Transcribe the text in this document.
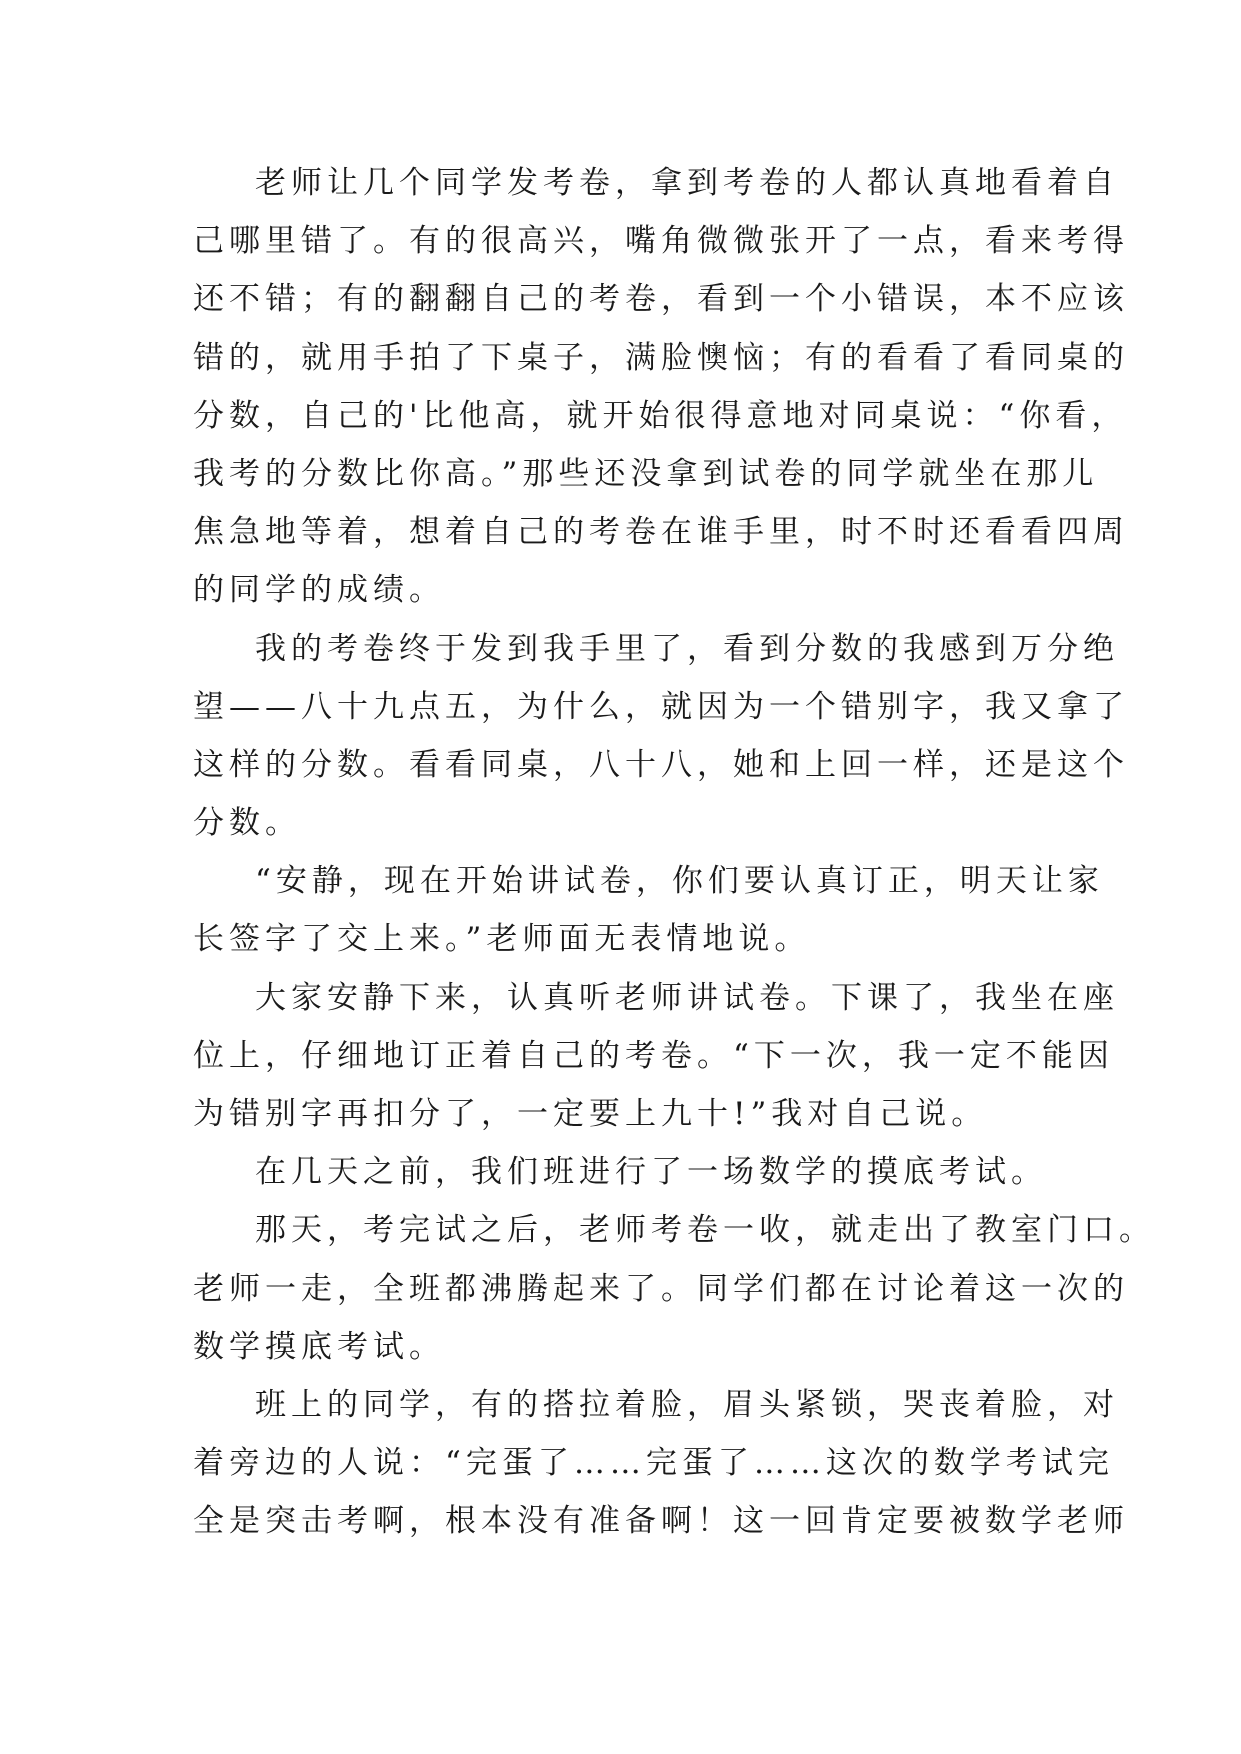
老师让几个同学发考卷，拿到考卷的人都认真地看着自
己哪里错了。有的很高兴，嘴角微微张开了一点，看来考得
还不错；有的翻翻自己的考卷，看到一个小错误，本不应该
错的，就用手拍了下桌子，满脸懊恼；有的看看了看同桌的
分数，自己的'比他高，就开始很得意地对同桌说：“你看，
我考的分数比你高。”那些还没拿到试卷的同学就坐在那儿
焦急地等着，想着自己的考卷在谁手里，时不时还看看四周
的同学的成绩。
我的考卷终于发到我手里了，看到分数的我感到万分绝
望——八十九点五，为什么，就因为一个错别字，我又拿了
这样的分数。看看同桌，八十八，她和上回一样，还是这个
分数。
“安静，现在开始讲试卷，你们要认真订正，明天让家
长签字了交上来。”老师面无表情地说。
大家安静下来，认真听老师讲试卷。下课了，我坐在座
位上，仔细地订正着自己的考卷。“下一次，我一定不能因
为错别字再扣分了，一定要上九十!”我对自己说。
在几天之前，我们班进行了一场数学的摸底考试。
那天，考完试之后，老师考卷一收，就走出了教室门口。
老师一走，全班都沸腾起来了。同学们都在讨论着这一次的
数学摸底考试。
班上的同学，有的搭拉着脸，眉头紧锁，哭丧着脸，对
着旁边的人说：“完蛋了……完蛋了……这次的数学考试完
全是突击考啊，根本没有准备啊！这一回肯定要被数学老师
